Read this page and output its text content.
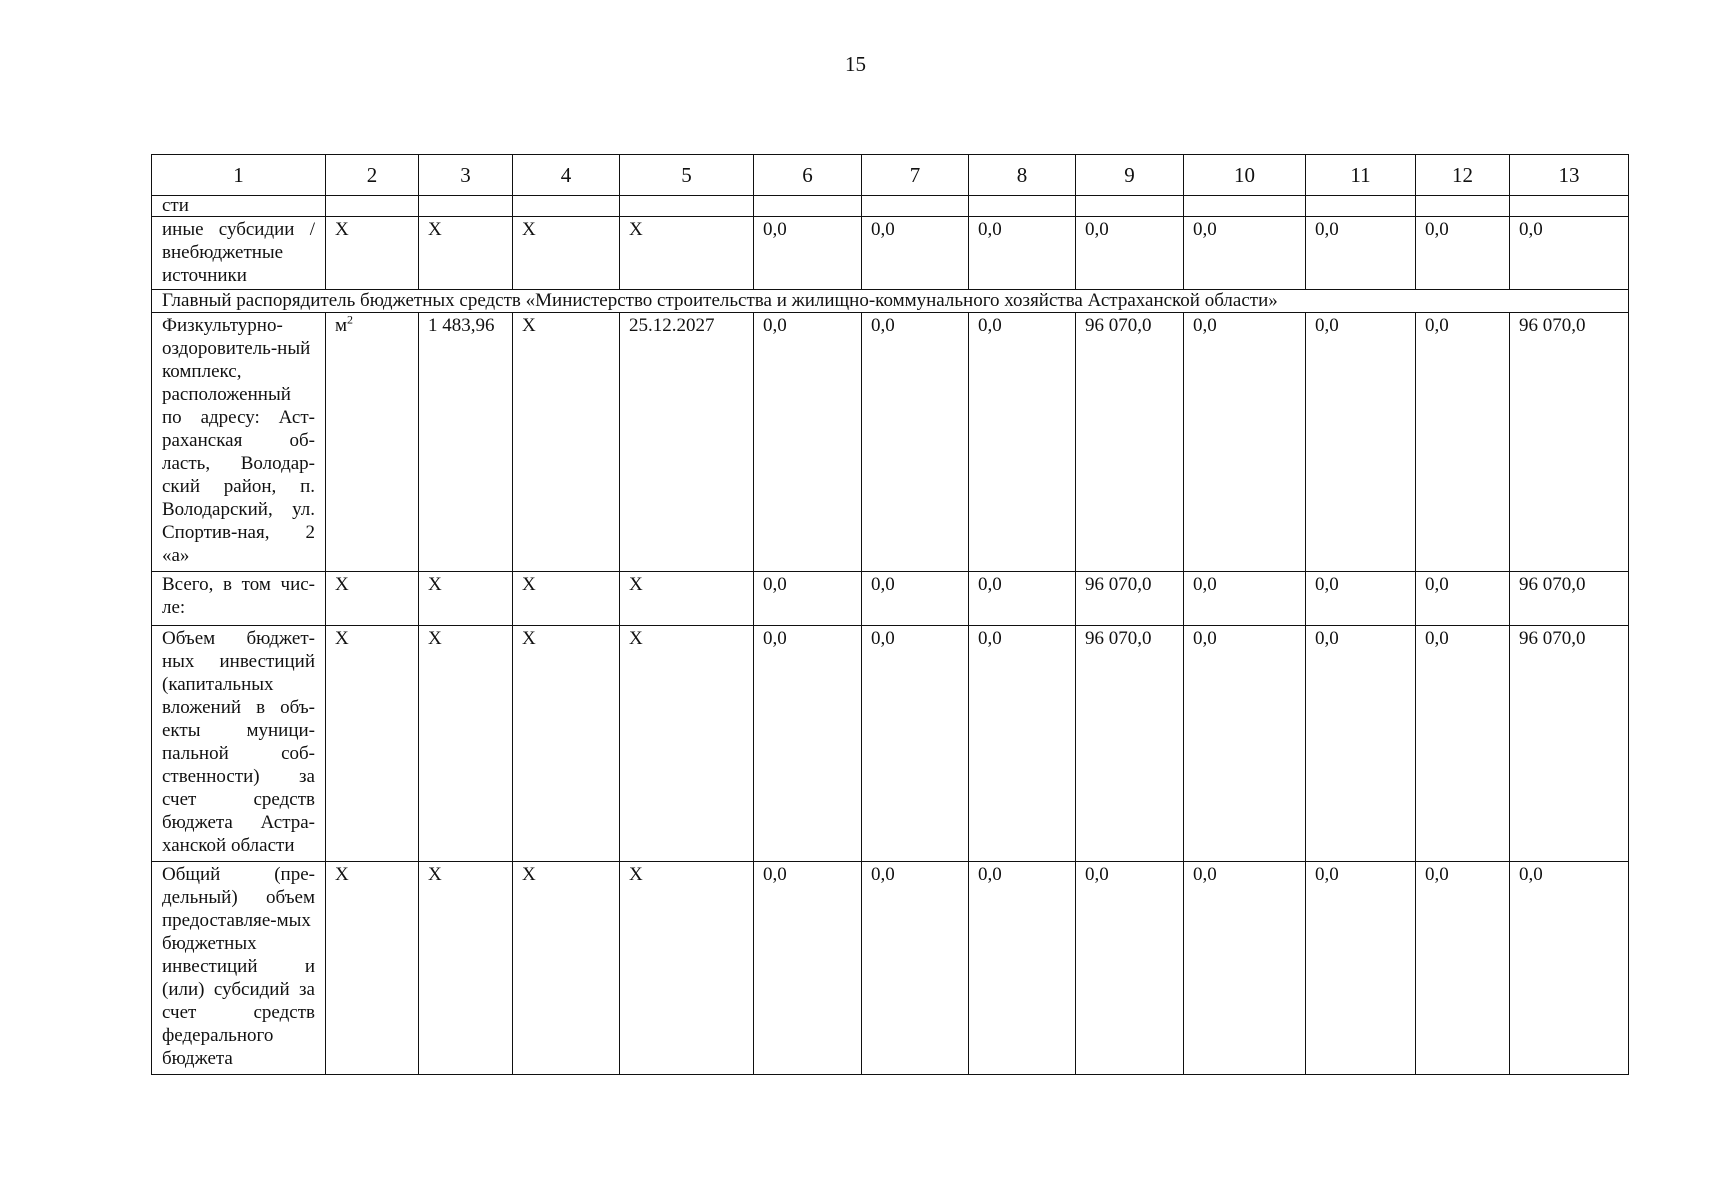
15
1	2	3	4	5	6	7	8	9	10	11	12	13
сти												
иные субсидии / внебюджетные источники	X	X	X	X	0,0	0,0	0,0	0,0	0,0	0,0	0,0	0,0
Главный распорядитель бюджетных средств «Министерство строительства и жилищно-коммунального хозяйства Астраханской области»												
Физкультурно-оздоровитель-ный комплекс, расположенный по адресу: Аст-раханская об-ласть, Володар-ский район, п. Володарский, ул. Спортив-ная, 2 «а»	$м^2$	1 483,96	X	25.12.2027	0,0	0,0	0,0	96 070,0	0,0	0,0	0,0	96 070,0
Всего, в том чис-ле:	X	X	X	X	0,0	0,0	0,0	96 070,0	0,0	0,0	0,0	96 070,0
Объем бюджет-ных инвестиций (капитальных вложений в объ-екты муници-пальной соб-ственности) за счет средств бюджета Астра-ханской области	X	X	X	X	0,0	0,0	0,0	96 070,0	0,0	0,0	0,0	96 070,0
Общий (пре-дельный) объем предоставляе-мых бюджетных инвестиций и (или) субсидий за счет средств федерального бюджета	X	X	X	X	0,0	0,0	0,0	0,0	0,0	0,0	0,0	0,0
